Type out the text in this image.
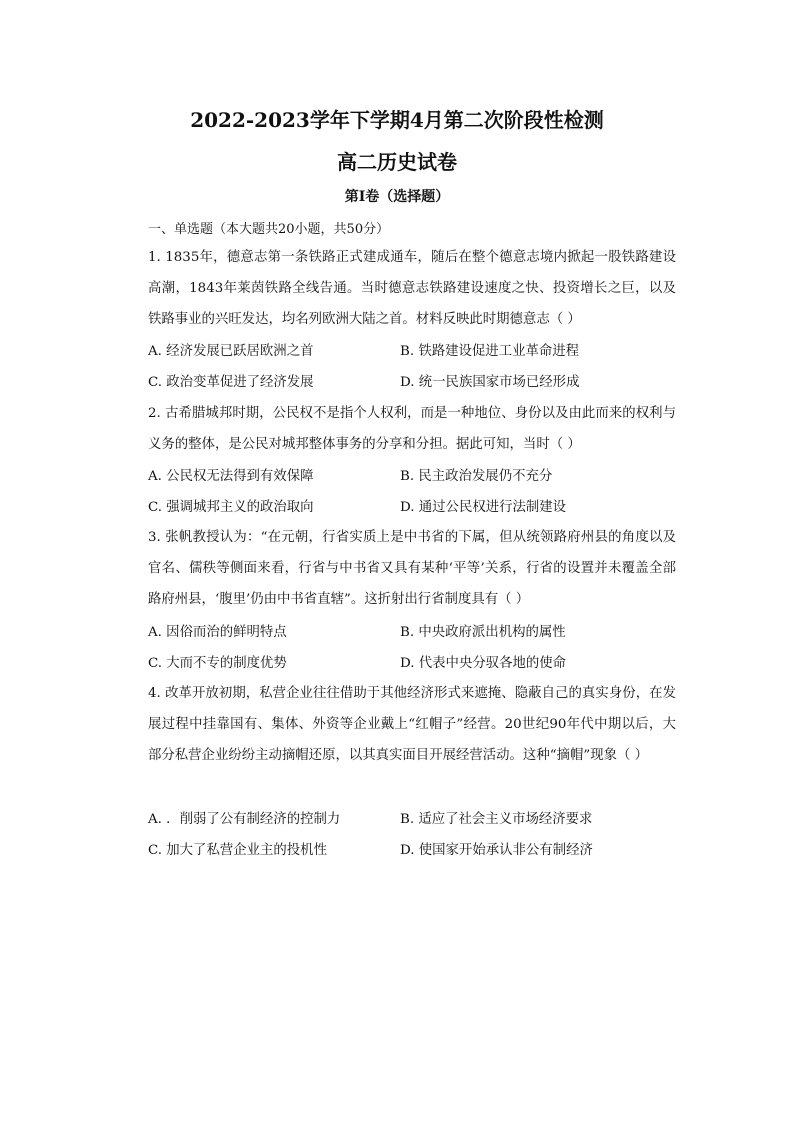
2022-2023学年下学期4月第二次阶段性检测
高二历史试卷
第I卷（选择题）
一、单选题（本大题共20小题，共50分）
1. 1835年，德意志第一条铁路正式建成通车，随后在整个德意志境内掀起一股铁路建设高潮，1843年莱茵铁路全线告通。当时德意志铁路建设速度之快、投资增长之巨，以及铁路事业的兴旺发达，均名列欧洲大陆之首。材料反映此时期德意志（ ）
A. 经济发展已跃居欧洲之首	B. 铁路建设促进工业革命进程
C. 政治变革促进了经济发展	D. 统一民族国家市场已经形成
2. 古希腊城邦时期，公民权不是指个人权利，而是一种地位、身份以及由此而来的权利与义务的整体，是公民对城邦整体事务的分享和分担。据此可知，当时（ ）
A. 公民权无法得到有效保障	B. 民主政治发展仍不充分
C. 强调城邦主义的政治取向	D. 通过公民权进行法制建设
3. 张帆教授认为：“在元朝，行省实质上是中书省的下属，但从统领路府州县的角度以及官名、儒秩等侧面来看，行省与中书省又具有某种‘平等’关系，行省的设置并未覆盖全部路府州县，‘腹里’仍由中书省直辖”。这折射出行省制度具有（ ）
A. 因俗而治的鲜明特点	B. 中央政府派出机构的属性
C. 大而不专的制度优势	D. 代表中央分驭各地的使命
4. 改革开放初期，私营企业往往借助于其他经济形式来遮掩、隐蔽自己的真实身份，在发展过程中挂靠国有、集体、外资等企业戴上“红帽子”经营。20世纪90年代中期以后，大部分私营企业纷纷主动摘帽还原，以其真实面目开展经营活动。这种“摘帽”现象（ ）
A. ．削弱了公有制经济的控制力	B. 适应了社会主义市场经济要求
C. 加大了私营企业主的投机性	D. 使国家开始承认非公有制经济
